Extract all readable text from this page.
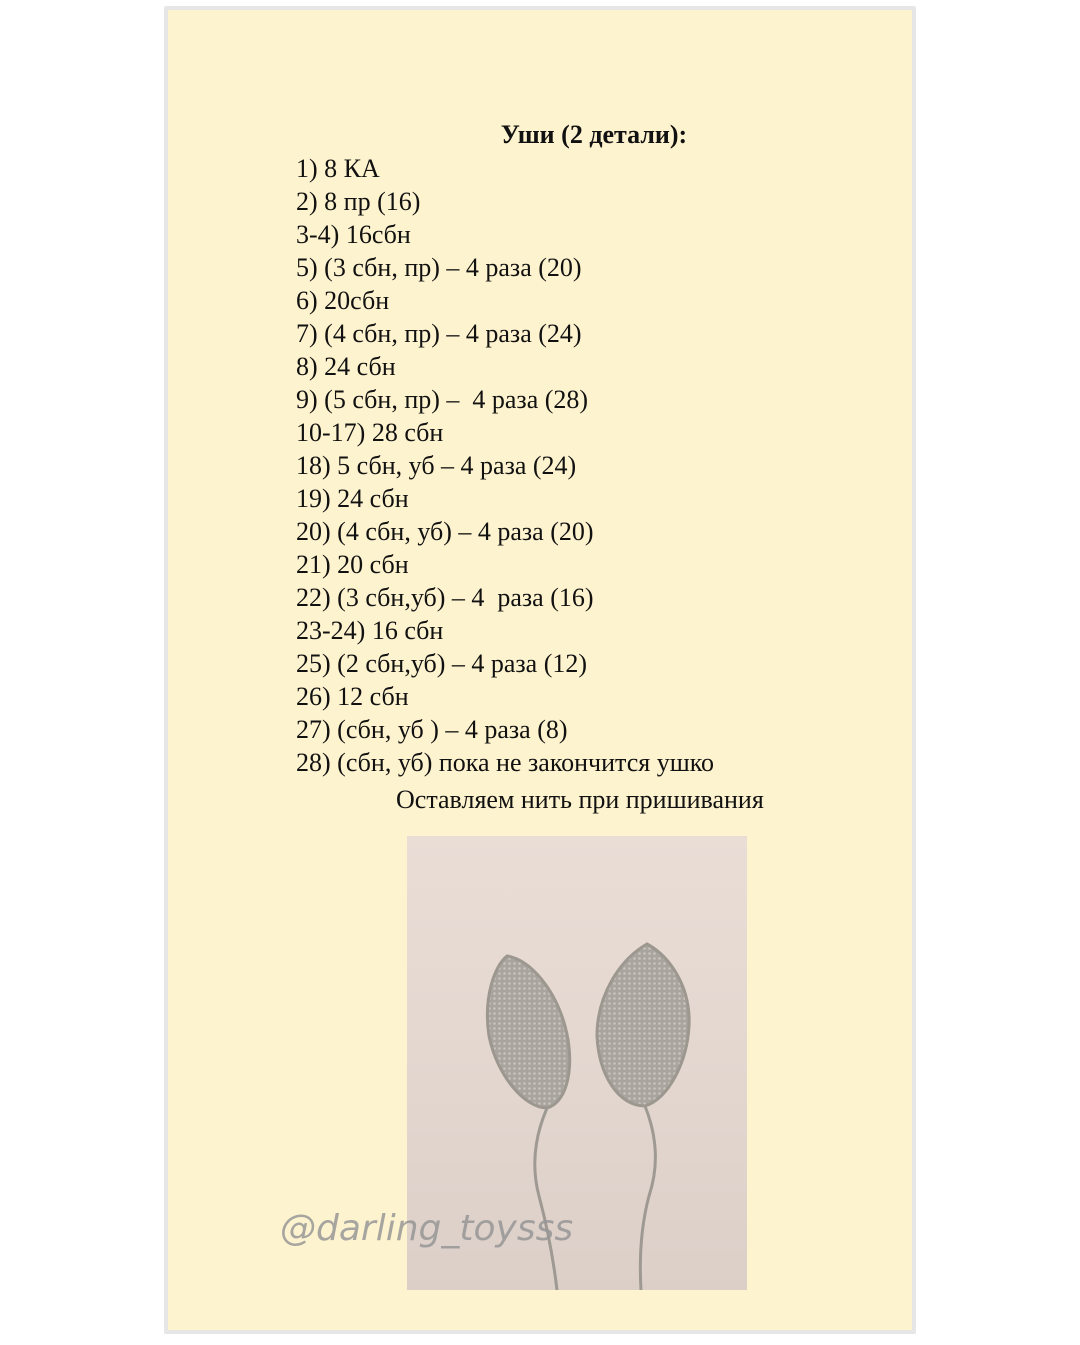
Уши (2 детали):
1) 8 КА
2) 8 пр (16)
3-4) 16сбн
5) (3 сбн, пр) – 4 раза (20)
6) 20сбн
7) (4 сбн, пр) – 4 раза (24)
8) 24 сбн
9) (5 сбн, пр) –  4 раза (28)
10-17) 28 сбн
18) 5 сбн, уб – 4 раза (24)
19) 24 сбн
20) (4 сбн, уб) – 4 раза (20)
21) 20 сбн
22) (3 сбн,уб) – 4  раза (16)
23-24) 16 сбн
25) (2 сбн,уб) – 4 раза (12)
26) 12 сбн
27) (сбн, уб ) – 4 раза (8)
28) (сбн, уб) пока не закончится ушко
Оставляем нить при пришивания
@darling_toysss
